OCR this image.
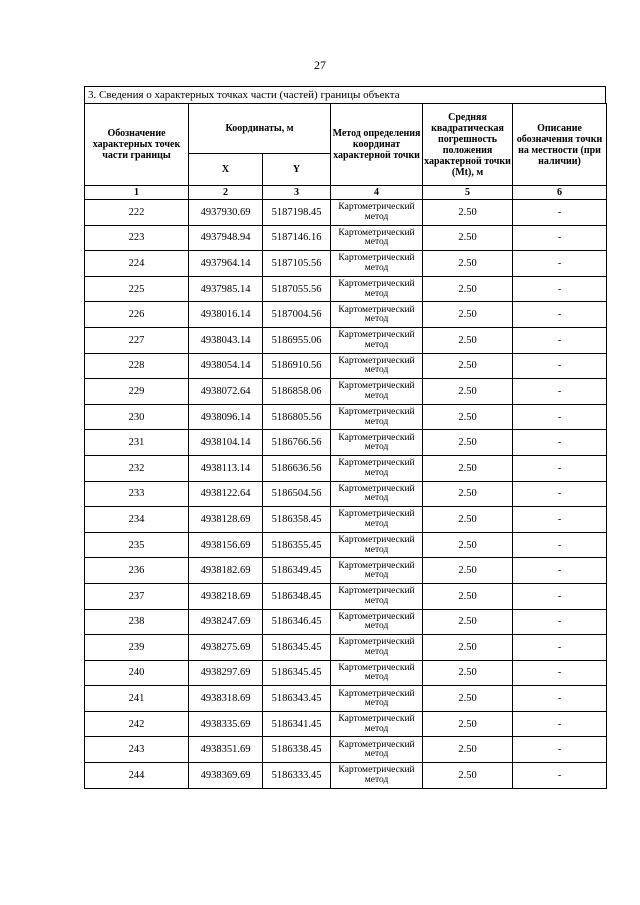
27
3. Сведения о характерных точках части (частей) границы объекта
Обозначение характерных точек части границы	Координаты, м		Метод определения координат характерной точки	Средняя квадратическая погрешность положения характерной точки (Mt), м	Описание обозначения точки на местности (при наличии)
	X	Y			
1	2	3	4	5	6
222	4937930.69	5187198.45	Картометрический метод	2.50	-
223	4937948.94	5187146.16	Картометрический метод	2.50	-
224	4937964.14	5187105.56	Картометрический метод	2.50	-
225	4937985.14	5187055.56	Картометрический метод	2.50	-
226	4938016.14	5187004.56	Картометрический метод	2.50	-
227	4938043.14	5186955.06	Картометрический метод	2.50	-
228	4938054.14	5186910.56	Картометрический метод	2.50	-
229	4938072.64	5186858.06	Картометрический метод	2.50	-
230	4938096.14	5186805.56	Картометрический метод	2.50	-
231	4938104.14	5186766.56	Картометрический метод	2.50	-
232	4938113.14	5186636.56	Картометрический метод	2.50	-
233	4938122.64	5186504.56	Картометрический метод	2.50	-
234	4938128.69	5186358.45	Картометрический метод	2.50	-
235	4938156.69	5186355.45	Картометрический метод	2.50	-
236	4938182.69	5186349.45	Картометрический метод	2.50	-
237	4938218.69	5186348.45	Картометрический метод	2.50	-
238	4938247.69	5186346.45	Картометрический метод	2.50	-
239	4938275.69	5186345.45	Картометрический метод	2.50	-
240	4938297.69	5186345.45	Картометрический метод	2.50	-
241	4938318.69	5186343.45	Картометрический метод	2.50	-
242	4938335.69	5186341.45	Картометрический метод	2.50	-
243	4938351.69	5186338.45	Картометрический метод	2.50	-
244	4938369.69	5186333.45	Картометрический метод	2.50	-
